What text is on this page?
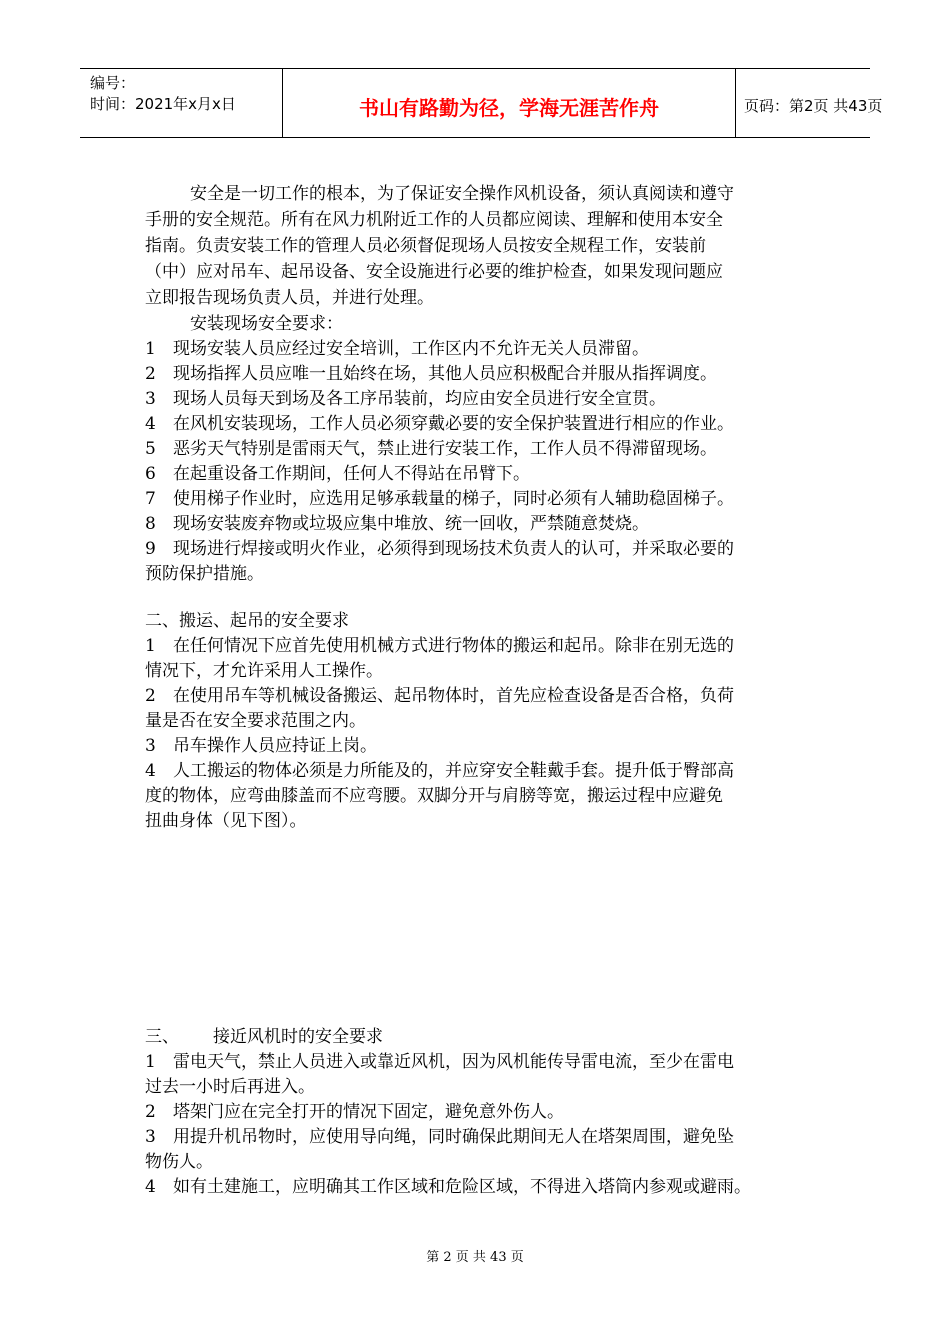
编号：
时间：2021年x月x日	书山有路勤为径，学海无涯苦作舟	页码：第2页 共43页
安全是一切工作的根本，为了保证安全操作风机设备，须认真阅读和遵守
手册的安全规范。所有在风力机附近工作的人员都应阅读、理解和使用本安全
指南。负责安装工作的管理人员必须督促现场人员按安全规程工作，安装前
（中）应对吊车、起吊设备、安全设施进行必要的维护检查，如果发现问题应
立即报告现场负责人员，并进行处理。
安装现场安全要求：
1 现场安装人员应经过安全培训，工作区内不允许无关人员滞留。
2 现场指挥人员应唯一且始终在场，其他人员应积极配合并服从指挥调度。
3 现场人员每天到场及各工序吊装前，均应由安全员进行安全宣贯。
4 在风机安装现场，工作人员必须穿戴必要的安全保护装置进行相应的作业。
5 恶劣天气特别是雷雨天气，禁止进行安装工作，工作人员不得滞留现场。
6 在起重设备工作期间，任何人不得站在吊臂下。
7 使用梯子作业时，应选用足够承载量的梯子，同时必须有人辅助稳固梯子。
8 现场安装废弃物或垃圾应集中堆放、统一回收，严禁随意焚烧。
9 现场进行焊接或明火作业，必须得到现场技术负责人的认可，并采取必要的
预防保护措施。
二、搬运、起吊的安全要求
1 在任何情况下应首先使用机械方式进行物体的搬运和起吊。除非在别无选的
情况下，才允许采用人工操作。
2 在使用吊车等机械设备搬运、起吊物体时，首先应检查设备是否合格，负荷
量是否在安全要求范围之内。
3 吊车操作人员应持证上岗。
4 人工搬运的物体必须是力所能及的，并应穿安全鞋戴手套。提升低于臀部高
度的物体，应弯曲膝盖而不应弯腰。双脚分开与肩膀等宽，搬运过程中应避免
扭曲身体（见下图）。
三、 接近风机时的安全要求
1 雷电天气，禁止人员进入或靠近风机，因为风机能传导雷电流，至少在雷电
过去一小时后再进入。
2 塔架门应在完全打开的情况下固定，避免意外伤人。
3 用提升机吊物时，应使用导向绳，同时确保此期间无人在塔架周围，避免坠
物伤人。
4 如有土建施工，应明确其工作区域和危险区域，不得进入塔筒内参观或避雨。
第 2 页 共 43 页
